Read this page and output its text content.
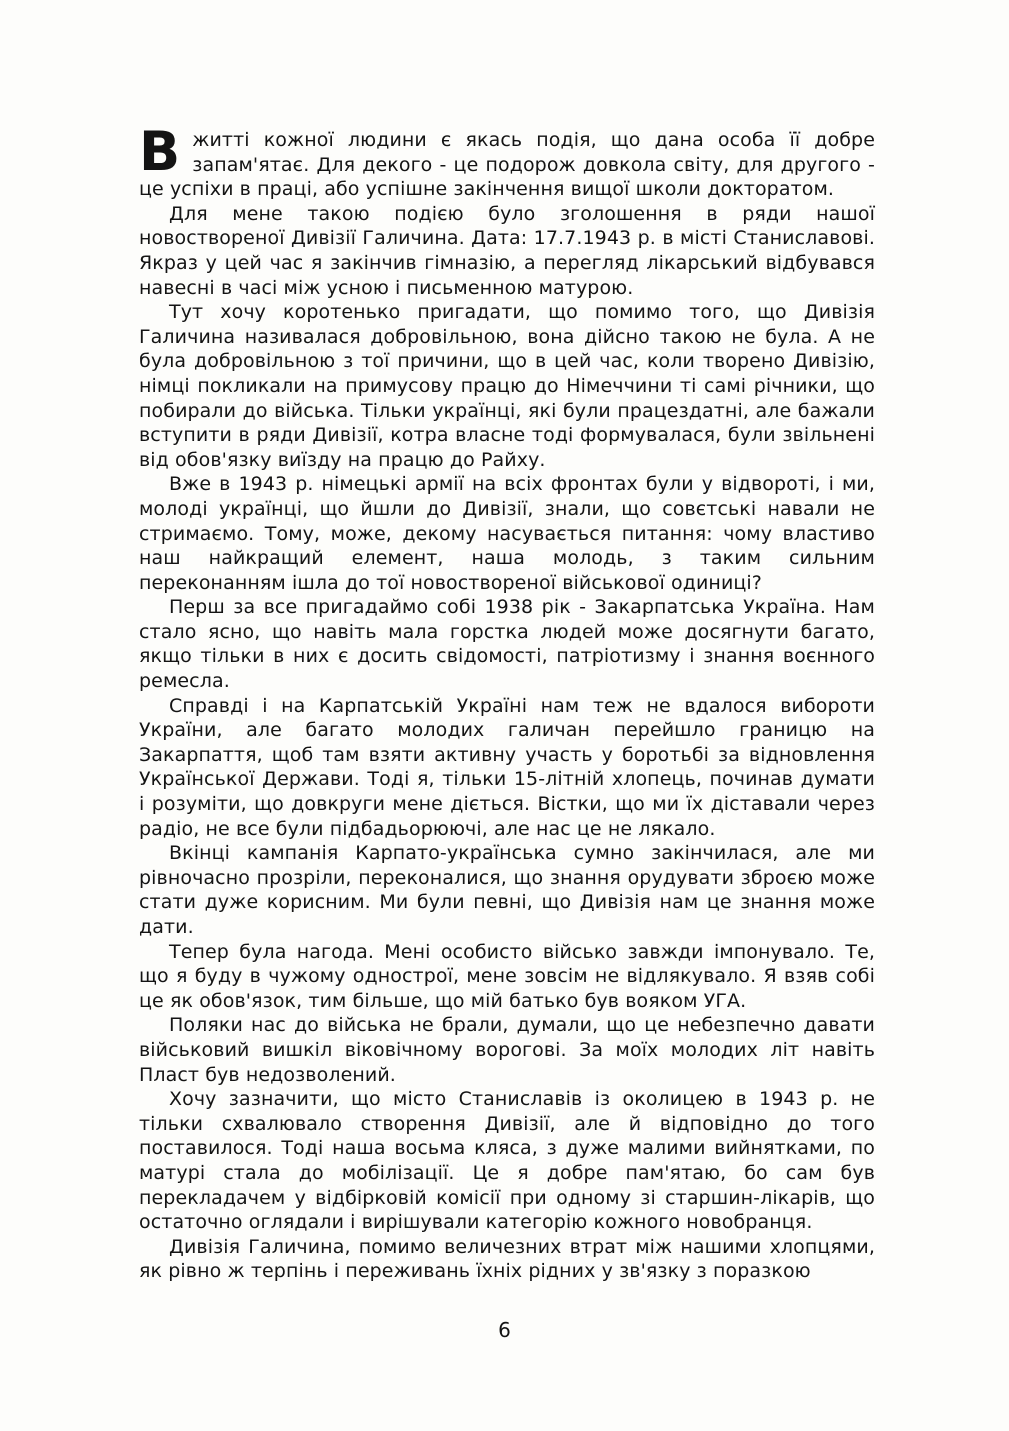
Вжитті кожної людини є якась подія, що дана особа її добре запам'ятає. Для декого - це подорож довкола світу, для другого - це успіхи в праці, або успішне закінчення вищої школи докторатом.

Для мене такою подією було зголошення в ряди нашої новоствореної Дивізії Галичина. Дата: 17.7.1943 р. в місті Станиславові. Якраз у цей час я закінчив гімназію, а перегляд лікарський відбувався навесні в часі між усною і письменною матурою.

Тут хочу коротенько пригадати, що помимо того, що Дивізія Галичина називалася добровільною, вона дійсно такою не була. А не була добровільною з тої причини, що в цей час, коли творено Дивізію, німці покликали на примусову працю до Німеччини ті самі річники, що побирали до війська. Тільки українці, які були працездатні, але бажали вступити в ряди Дивізії, котра власне тоді формувалася, були звільнені від обов'язку виїзду на працю до Райху.

Вже в 1943 р. німецькі армії на всіх фронтах були у відвороті, і ми, молоді українці, що йшли до Дивізії, знали, що совєтські навали не стримаємо. Тому, може, декому насувається питання: чому властиво наш найкращий елемент, наша молодь, з таким сильним переконанням ішла до тої новоствореної військової одиниці?

Перш за все пригадаймо собі 1938 рік - Закарпатська Україна. Нам стало ясно, що навіть мала горстка людей може досягнути багато, якщо тільки в них є досить свідомості, патріотизму і знання воєнного ремесла.

Справді і на Карпатській Україні нам теж не вдалося вибороти України, але багато молодих галичан перейшло границю на Закарпаття, щоб там взяти активну участь у боротьбі за відновлення Української Держави. Тоді я, тільки 15-літній хлопець, починав думати і розуміти, що довкруги мене діється. Вістки, що ми їх діставали через радіо, не все були підбадьорюючі, але нас це не лякало.

Вкінці кампанія Карпато-українська сумно закінчилася, але ми рівночасно прозріли, переконалися, що знання орудувати зброєю може стати дуже корисним. Ми були певні, що Дивізія нам це знання може дати.

Тепер була нагода. Мені особисто військо завжди імпонувало. Те, що я буду в чужому однострої, мене зовсім не відлякувало. Я взяв собі це як обов'язок, тим більше, що мій батько був вояком УГА.

Поляки нас до війська не брали, думали, що це небезпечно давати військовий вишкіл віковічному ворогові. За моїх молодих літ навіть Пласт був недозволений.

Хочу зазначити, що місто Станиславів із околицею в 1943 р. не тільки схвалювало створення Дивізії, але й відповідно до того поставилося. Тоді наша восьма кляса, з дуже малими вийнятками, по матурі стала до мобілізації. Це я добре пам'ятаю, бо сам був перекладачем у відбірковій комісії при одному зі старшин-лікарів, що остаточно оглядали і вирішували категорію кожного новобранця.

Дивізія Галичина, помимо величезних втрат між нашими хлопцями, як рівно ж терпінь і переживань їхніх рідних у зв'язку з поразкою

6
